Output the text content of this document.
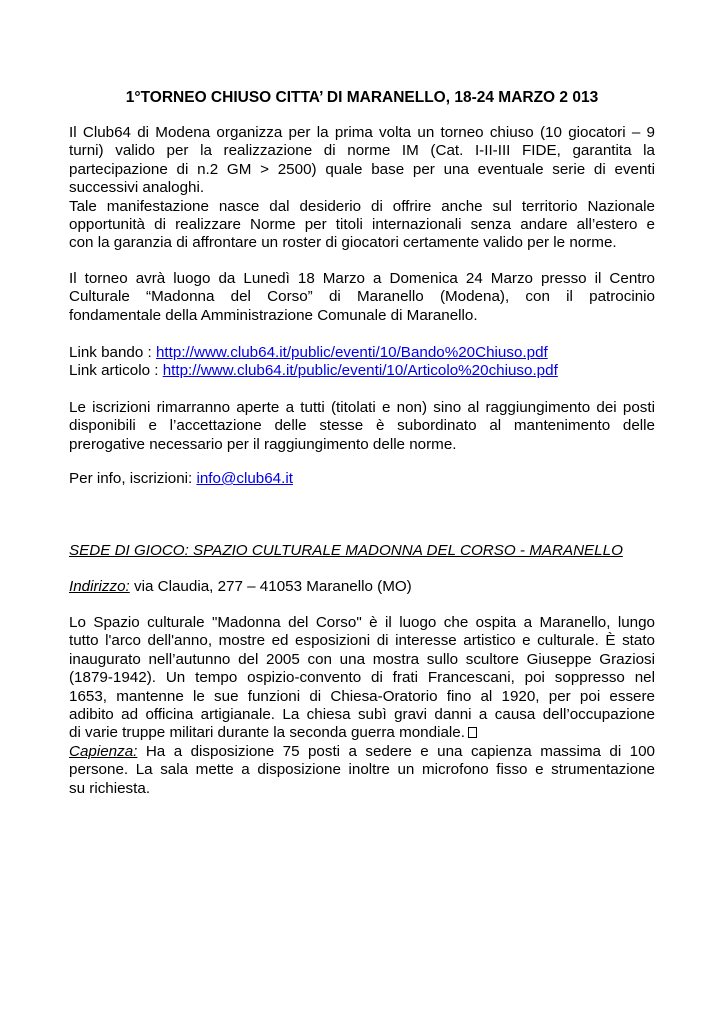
1°TORNEO CHIUSO CITTA’ DI MARANELLO, 18-24 MARZO 2 013
Il Club64 di Modena organizza per la prima volta un torneo chiuso (10 giocatori – 9
turni) valido per la realizzazione di norme IM (Cat. I-II-III FIDE, garantita la
partecipazione di n.2 GM > 2500) quale base per una eventuale serie di eventi
successivi analoghi.
Tale manifestazione nasce dal desiderio di offrire anche sul territorio Nazionale
opportunità di realizzare Norme per titoli internazionali senza andare all’estero e
con la garanzia di affrontare un roster di giocatori certamente valido per le norme.
Il torneo avrà luogo da Lunedì 18 Marzo a Domenica 24 Marzo presso il Centro
Culturale “Madonna del Corso” di Maranello (Modena), con il patrocinio
fondamentale della Amministrazione Comunale di Maranello.
Link bando : http://www.club64.it/public/eventi/10/Bando%20Chiuso.pdf
Link articolo : http://www.club64.it/public/eventi/10/Articolo%20chiuso.pdf
Le iscrizioni rimarranno aperte a tutti (titolati e non) sino al raggiungimento dei posti
disponibili e l’accettazione delle stesse è subordinato al mantenimento delle
prerogative necessario per il raggiungimento delle norme.
Per info, iscrizioni: info@club64.it
SEDE DI GIOCO: SPAZIO CULTURALE MADONNA DEL CORSO - MARANELLO
Indirizzo: via Claudia, 277 – 41053 Maranello (MO)
Lo Spazio culturale "Madonna del Corso" è il luogo che ospita a Maranello, lungo
tutto l'arco dell'anno, mostre ed esposizioni di interesse artistico e culturale. È stato
inaugurato nell’autunno del 2005 con una mostra sullo scultore Giuseppe Graziosi
(1879-1942). Un tempo ospizio-convento di frati Francescani, poi soppresso nel
1653, mantenne le sue funzioni di Chiesa-Oratorio fino al 1920, per poi essere
adibito ad officina artigianale. La chiesa subì gravi danni a causa dell’occupazione
di varie truppe militari durante la seconda guerra mondiale.
Capienza: Ha a disposizione 75 posti a sedere e una capienza massima di 100
persone. La sala mette a disposizione inoltre un microfono fisso e strumentazione
su richiesta.
